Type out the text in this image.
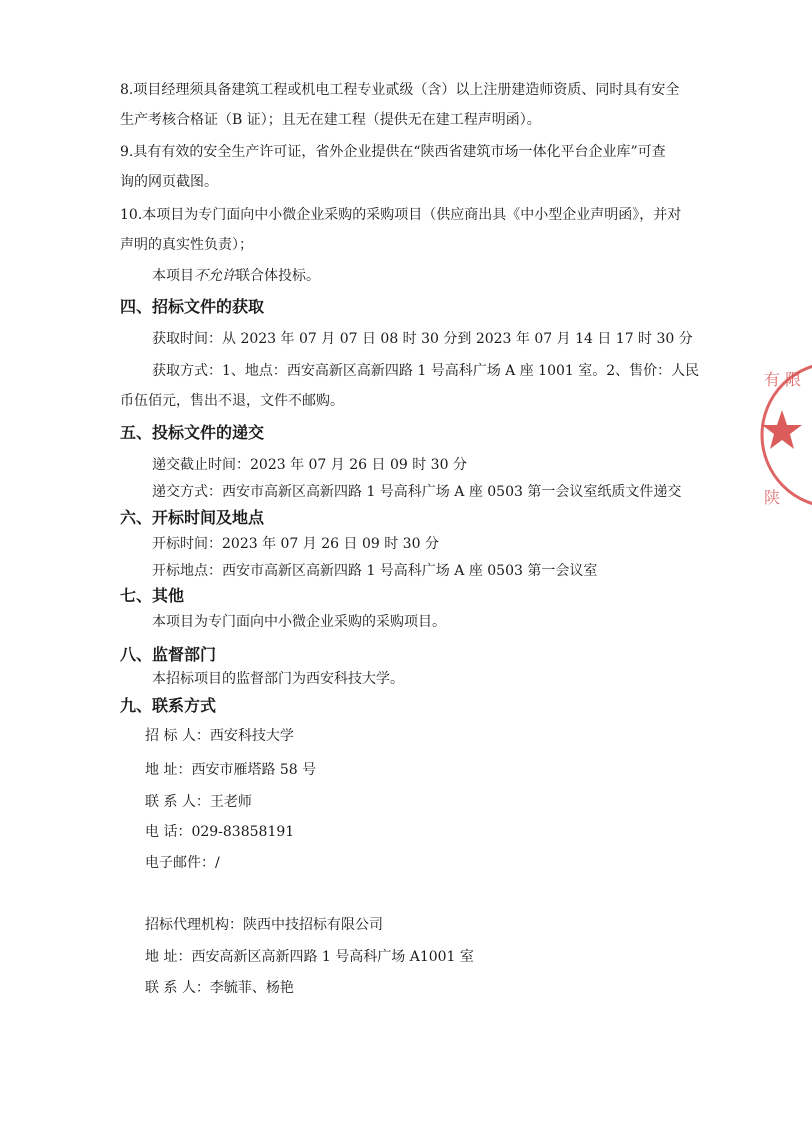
8.项目经理须具备建筑工程或机电工程专业贰级（含）以上注册建造师资质、同时具有安全
生产考核合格证（B 证）；且无在建工程（提供无在建工程声明函）。
9.具有有效的安全生产许可证，省外企业提供在“陕西省建筑市场一体化平台企业库”可查
询的网页截图。
10.本项目为专门面向中小微企业采购的采购项目（供应商出具《中小型企业声明函》，并对
声明的真实性负责）；
本项目不允许联合体投标。
四、招标文件的获取
获取时间：从 2023 年 07 月 07 日 08 时 30 分到 2023 年 07 月 14 日 17 时 30 分
获取方式：1、地点：西安高新区高新四路 1 号高科广场 A 座 1001 室。2、售价：人民
币伍佰元，售出不退，文件不邮购。
五、投标文件的递交
递交截止时间：2023 年 07 月 26 日 09 时 30 分
递交方式：西安市高新区高新四路 1 号高科广场 A 座 0503 第一会议室纸质文件递交
六、开标时间及地点
开标时间：2023 年 07 月 26 日 09 时 30 分
开标地点：西安市高新区高新四路 1 号高科广场 A 座 0503 第一会议室
七、其他
本项目为专门面向中小微企业采购的采购项目。
八、监督部门
本招标项目的监督部门为西安科技大学。
九、联系方式
招 标 人：西安科技大学
地 址：西安市雁塔路 58 号
联 系 人：王老师
电 话：029-83858191
电子邮件：/
招标代理机构：陕西中技招标有限公司
地 址：西安高新区高新四路 1 号高科广场 A1001 室
联 系 人：李毓菲、杨艳
有 限
陕
